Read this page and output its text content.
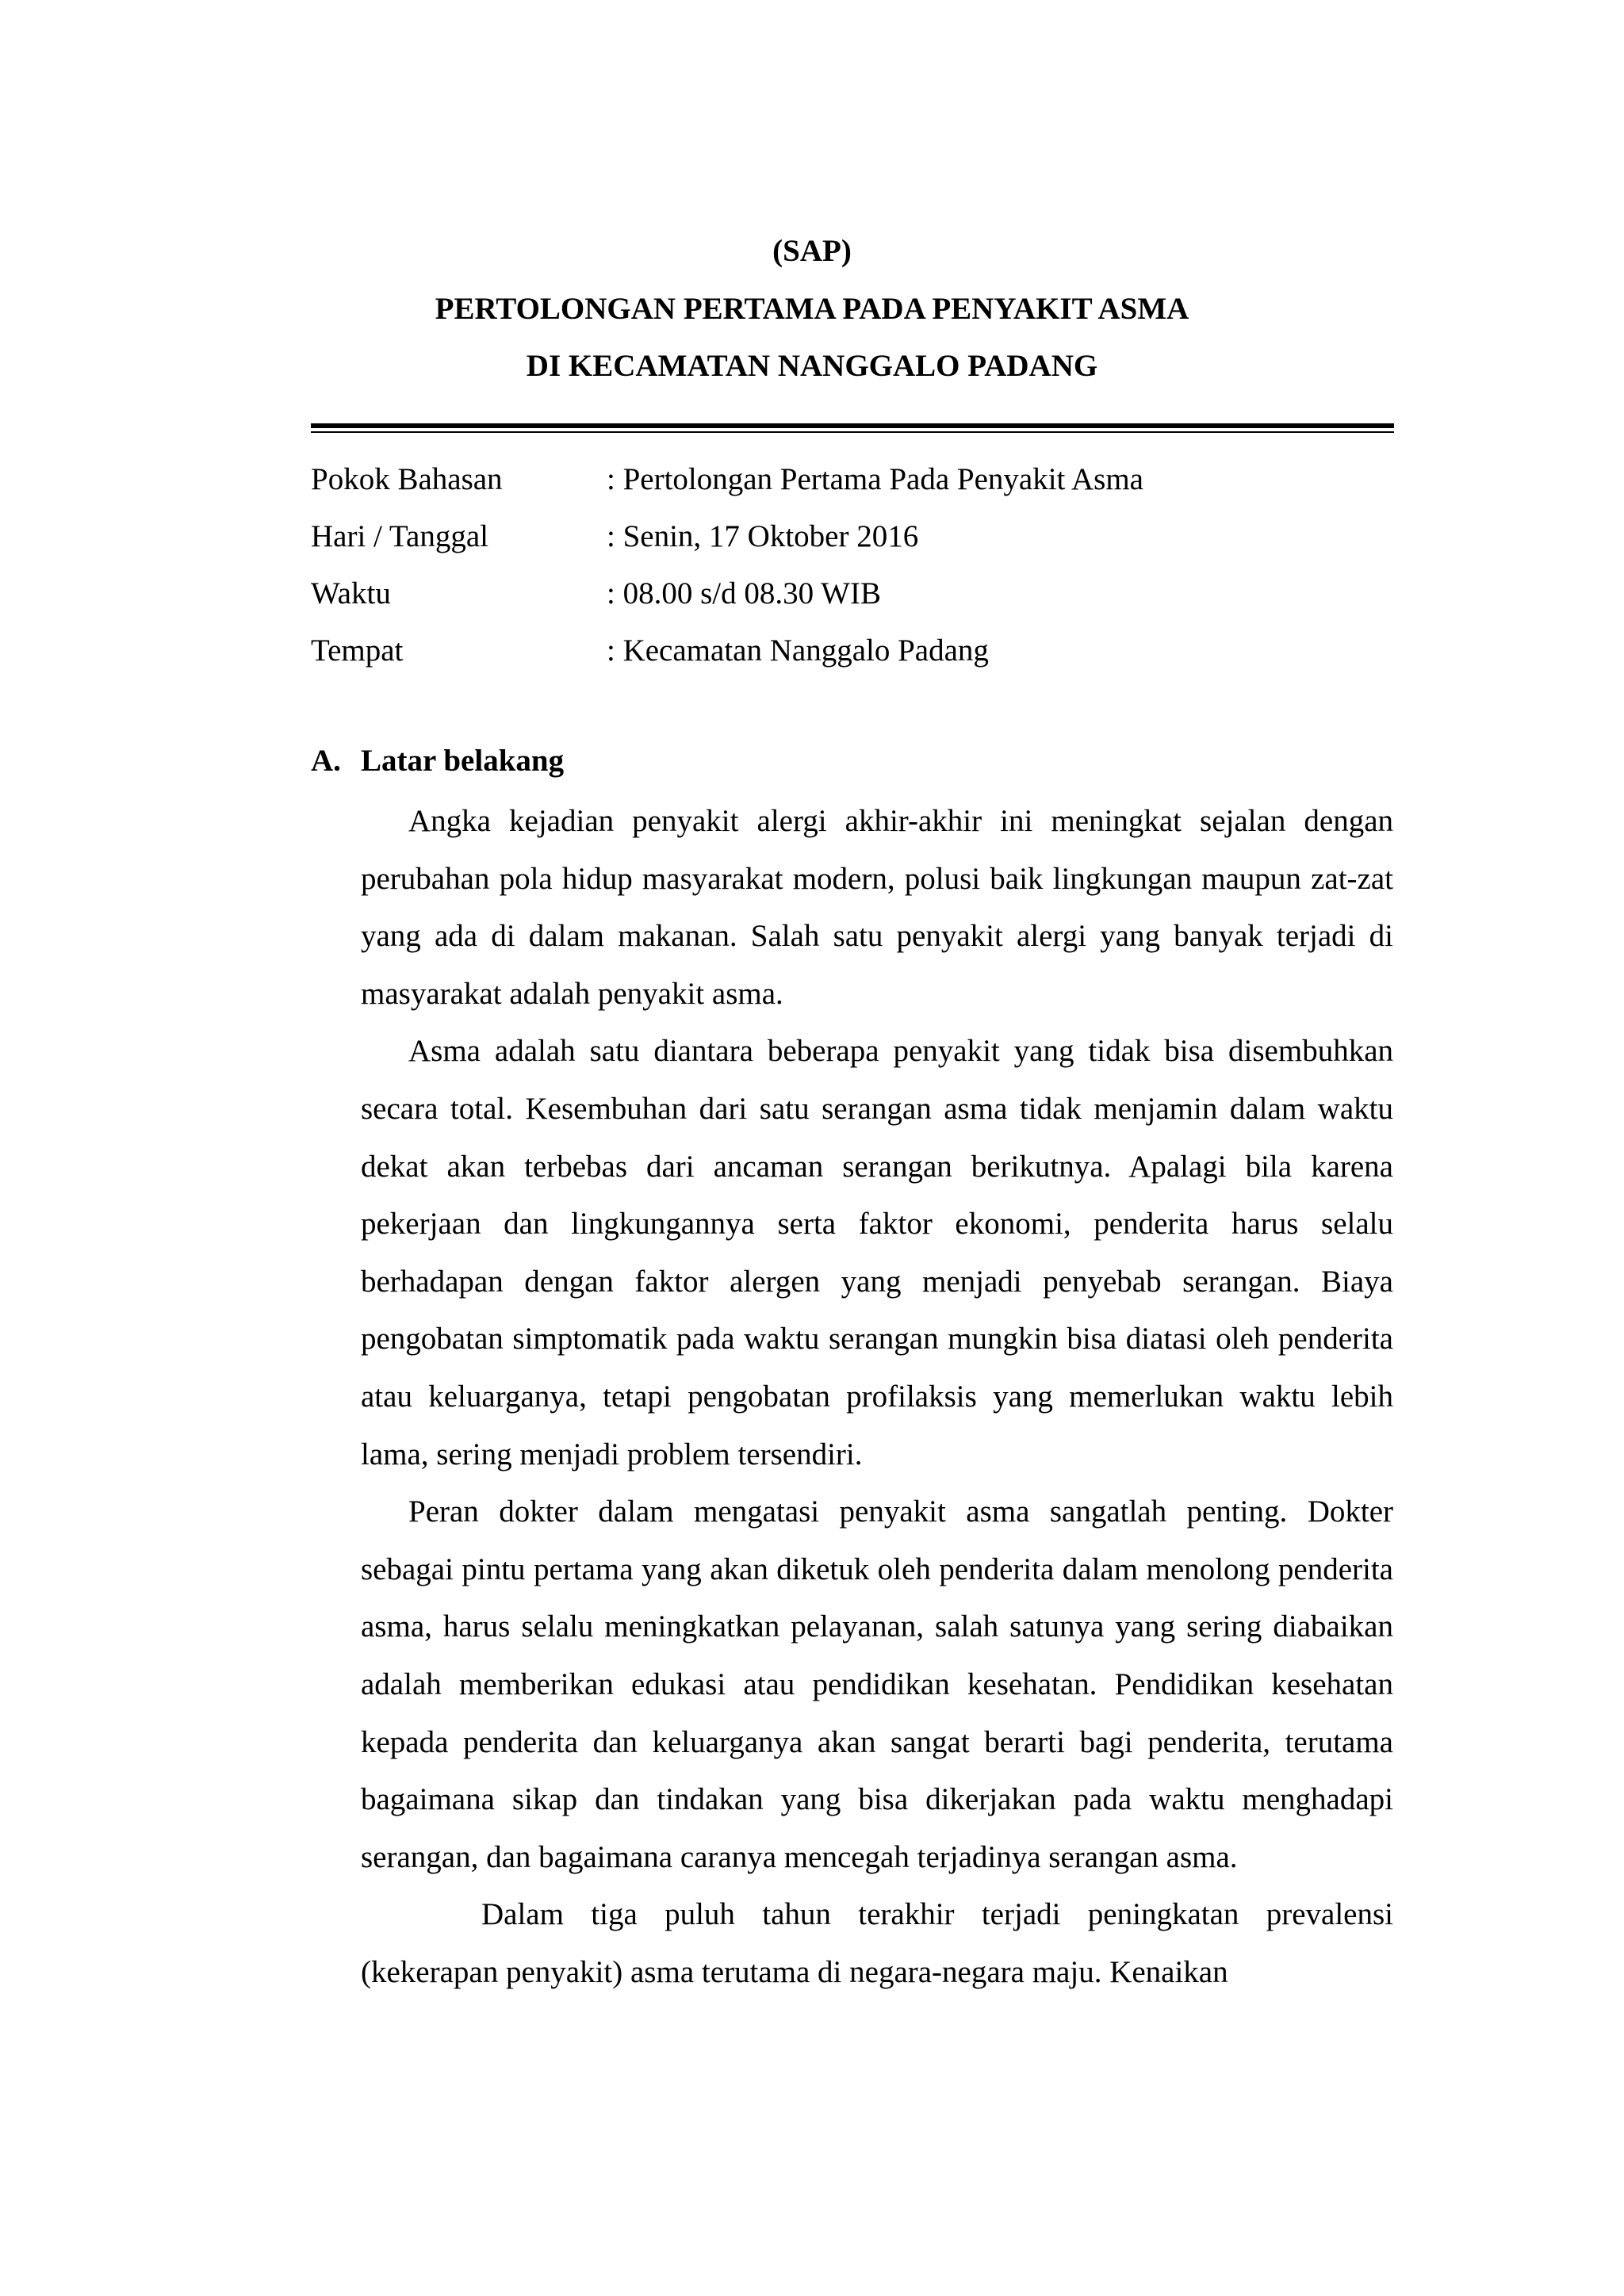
(SAP)
PERTOLONGAN PERTAMA PADA PENYAKIT ASMA
DI KECAMATAN NANGGALO PADANG
Pokok Bahasan	: Pertolongan Pertama Pada Penyakit Asma
Hari / Tanggal	: Senin, 17 Oktober 2016
Waktu	: 08.00 s/d 08.30 WIB
Tempat	: Kecamatan Nanggalo Padang
A. Latar belakang

Angka kejadian penyakit alergi akhir-akhir ini meningkat sejalan dengan perubahan pola hidup masyarakat modern, polusi baik lingkungan maupun zat-zat yang ada di dalam makanan. Salah satu penyakit alergi yang banyak terjadi di masyarakat adalah penyakit asma.

Asma adalah satu diantara beberapa penyakit yang tidak bisa disembuhkan secara total. Kesembuhan dari satu serangan asma tidak menjamin dalam waktu dekat akan terbebas dari ancaman serangan berikutnya. Apalagi bila karena pekerjaan dan lingkungannya serta faktor ekonomi, penderita harus selalu berhadapan dengan faktor alergen yang menjadi penyebab serangan. Biaya pengobatan simptomatik pada waktu serangan mungkin bisa diatasi oleh penderita atau keluarganya, tetapi pengobatan profilaksis yang memerlukan waktu lebih lama, sering menjadi problem tersendiri.

Peran dokter dalam mengatasi penyakit asma sangatlah penting. Dokter sebagai pintu pertama yang akan diketuk oleh penderita dalam menolong penderita asma, harus selalu meningkatkan pelayanan, salah satunya yang sering diabaikan adalah memberikan edukasi atau pendidikan kesehatan. Pendidikan kesehatan kepada penderita dan keluarganya akan sangat berarti bagi penderita, terutama bagaimana sikap dan tindakan yang bisa dikerjakan pada waktu menghadapi serangan, dan bagaimana caranya mencegah terjadinya serangan asma.

Dalam tiga puluh tahun terakhir terjadi peningkatan prevalensi (kekerapan penyakit) asma terutama di negara-negara maju. Kenaikan
